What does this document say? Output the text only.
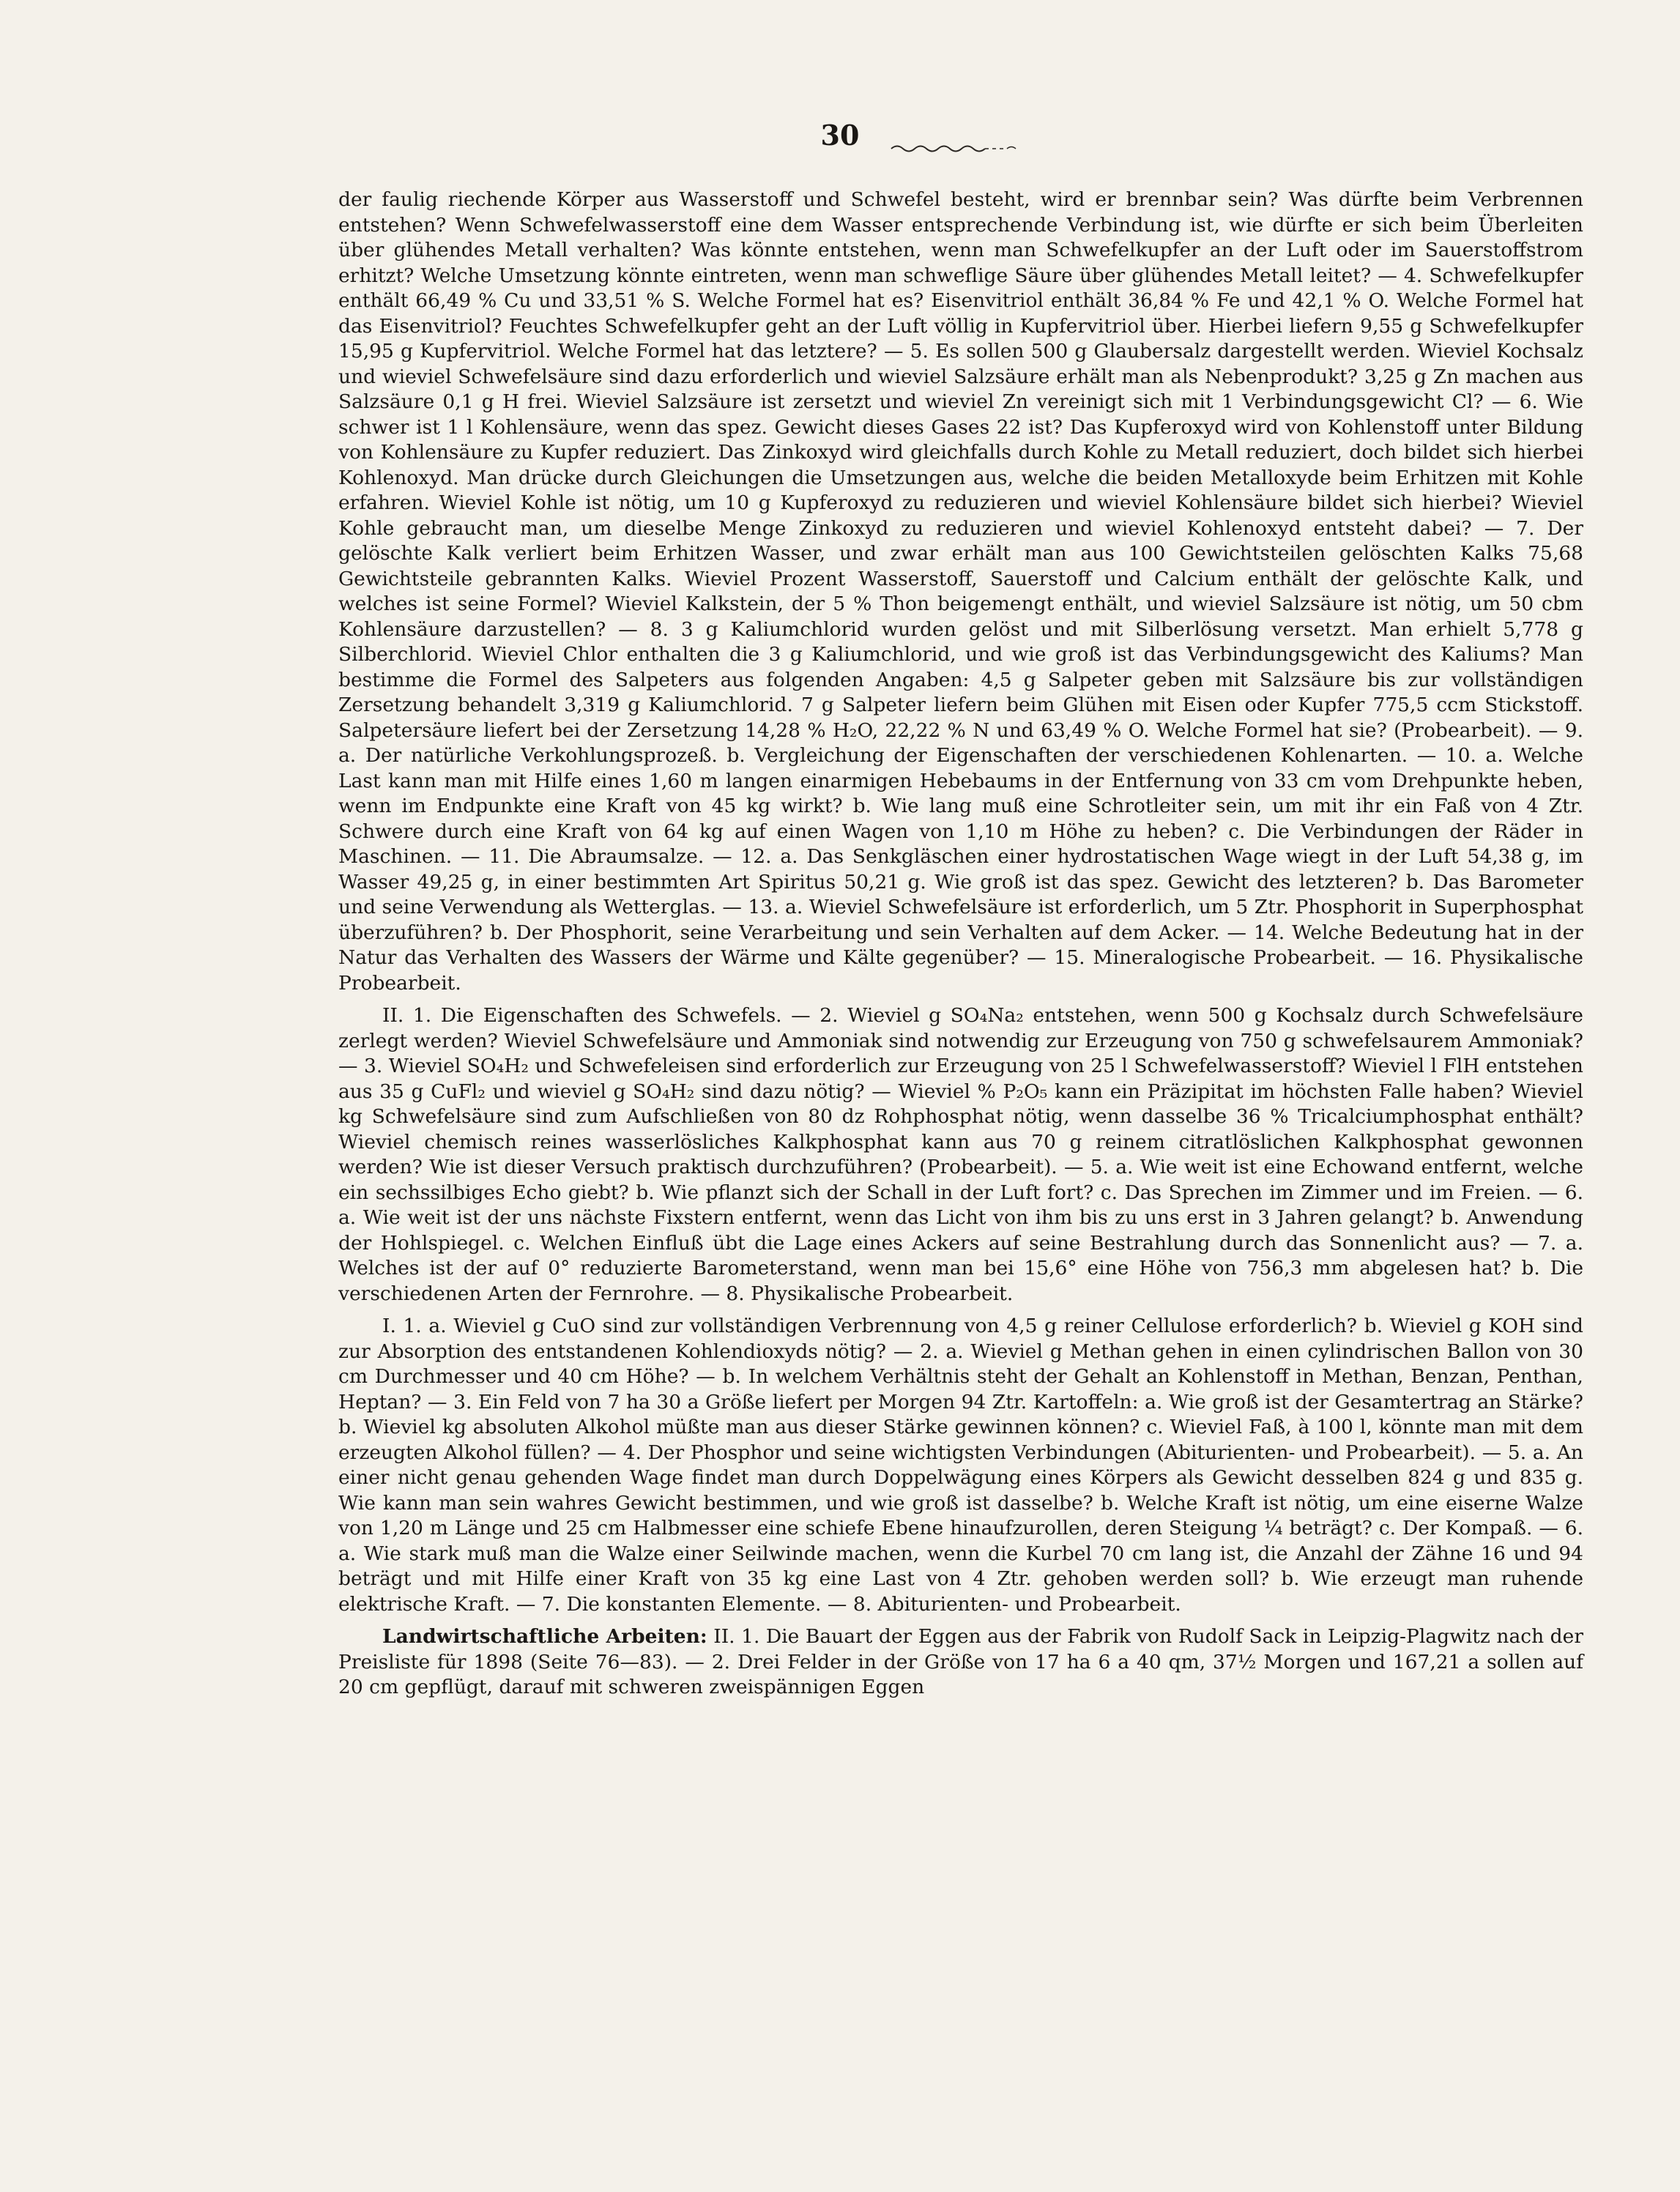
30

der faulig riechende Körper aus Wasserstoff und Schwefel besteht, wird er brennbar sein? Was dürfte beim Verbrennen entstehen? Wenn Schwefelwasserstoff eine dem Wasser entsprechende Verbindung ist, wie dürfte er sich beim Überleiten über glühendes Metall verhalten? Was könnte entstehen, wenn man Schwefelkupfer an der Luft oder im Sauerstoffstrom erhitzt? Welche Umsetzung könnte eintreten, wenn man schweflige Säure über glühendes Metall leitet? — 4. Schwefelkupfer enthält 66,49 % Cu und 33,51 % S. Welche Formel hat es? Eisenvitriol enthält 36,84 % Fe und 42,1 % O. Welche Formel hat das Eisenvitriol? Feuchtes Schwefelkupfer geht an der Luft völlig in Kupfervitriol über. Hierbei liefern 9,55 g Schwefelkupfer 15,95 g Kupfervitriol. Welche Formel hat das letztere? — 5. Es sollen 500 g Glaubersalz dargestellt werden. Wieviel Kochsalz und wieviel Schwefelsäure sind dazu erforderlich und wieviel Salzsäure erhält man als Nebenprodukt? 3,25 g Zn machen aus Salzsäure 0,1 g H frei. Wieviel Salzsäure ist zersetzt und wieviel Zn vereinigt sich mit 1 Verbindungsgewicht Cl? — 6. Wie schwer ist 1 l Kohlensäure, wenn das spez. Gewicht dieses Gases 22 ist? Das Kupferoxyd wird von Kohlenstoff unter Bildung von Kohlensäure zu Kupfer reduziert. Das Zinkoxyd wird gleichfalls durch Kohle zu Metall reduziert, doch bildet sich hierbei Kohlenoxyd. Man drücke durch Gleichungen die Umsetzungen aus, welche die beiden Metalloxyde beim Erhitzen mit Kohle erfahren. Wieviel Kohle ist nötig, um 10 g Kupferoxyd zu reduzieren und wieviel Kohlensäure bildet sich hierbei? Wieviel Kohle gebraucht man, um dieselbe Menge Zinkoxyd zu reduzieren und wieviel Kohlenoxyd entsteht dabei? — 7. Der gelöschte Kalk verliert beim Erhitzen Wasser, und zwar erhält man aus 100 Gewichtsteilen gelöschten Kalks 75,68 Gewichtsteile gebrannten Kalks. Wieviel Prozent Wasserstoff, Sauerstoff und Calcium enthält der gelöschte Kalk, und welches ist seine Formel? Wieviel Kalkstein, der 5 % Thon beigemengt enthält, und wieviel Salzsäure ist nötig, um 50 cbm Kohlensäure darzustellen? — 8. 3 g Kaliumchlorid wurden gelöst und mit Silberlösung versetzt. Man erhielt 5,778 g Silberchlorid. Wieviel Chlor enthalten die 3 g Kaliumchlorid, und wie groß ist das Verbindungsgewicht des Kaliums? Man bestimme die Formel des Salpeters aus folgenden Angaben: 4,5 g Salpeter geben mit Salzsäure bis zur vollständigen Zersetzung behandelt 3,319 g Kaliumchlorid. 7 g Salpeter liefern beim Glühen mit Eisen oder Kupfer 775,5 ccm Stickstoff. Salpetersäure liefert bei der Zersetzung 14,28 % H₂O, 22,22 % N und 63,49 % O. Welche Formel hat sie? (Probearbeit). — 9. a. Der natürliche Verkohlungsprozeß. b. Vergleichung der Eigenschaften der verschiedenen Kohlenarten. — 10. a. Welche Last kann man mit Hilfe eines 1,60 m langen einarmigen Hebebaums in der Entfernung von 33 cm vom Drehpunkte heben, wenn im Endpunkte eine Kraft von 45 kg wirkt? b. Wie lang muß eine Schrotleiter sein, um mit ihr ein Faß von 4 Ztr. Schwere durch eine Kraft von 64 kg auf einen Wagen von 1,10 m Höhe zu heben? c. Die Verbindungen der Räder in Maschinen. — 11. Die Abraumsalze. — 12. a. Das Senkgläschen einer hydrostatischen Wage wiegt in der Luft 54,38 g, im Wasser 49,25 g, in einer bestimmten Art Spiritus 50,21 g. Wie groß ist das spez. Gewicht des letzteren? b. Das Barometer und seine Verwendung als Wetterglas. — 13. a. Wieviel Schwefelsäure ist erforderlich, um 5 Ztr. Phosphorit in Superphosphat überzuführen? b. Der Phosphorit, seine Verarbeitung und sein Verhalten auf dem Acker. — 14. Welche Bedeutung hat in der Natur das Verhalten des Wassers der Wärme und Kälte gegenüber? — 15. Mineralogische Probearbeit. — 16. Physikalische Probearbeit.

II. 1. Die Eigenschaften des Schwefels. — 2. Wieviel g SO₄Na₂ entstehen, wenn 500 g Kochsalz durch Schwefelsäure zerlegt werden? Wieviel Schwefelsäure und Ammoniak sind notwendig zur Erzeugung von 750 g schwefelsaurem Ammoniak? — 3. Wieviel SO₄H₂ und Schwefeleisen sind erforderlich zur Erzeugung von 25 l Schwefelwasserstoff? Wieviel l FlH entstehen aus 35 g CuFl₂ und wieviel g SO₄H₂ sind dazu nötig? — Wieviel % P₂O₅ kann ein Präzipitat im höchsten Falle haben? Wieviel kg Schwefelsäure sind zum Aufschließen von 80 dz Rohphosphat nötig, wenn dasselbe 36 % Tricalciumphosphat enthält? Wieviel chemisch reines wasserlösliches Kalkphosphat kann aus 70 g reinem citratlöslichen Kalkphosphat gewonnen werden? Wie ist dieser Versuch praktisch durchzuführen? (Probearbeit). — 5. a. Wie weit ist eine Echowand entfernt, welche ein sechssilbiges Echo giebt? b. Wie pflanzt sich der Schall in der Luft fort? c. Das Sprechen im Zimmer und im Freien. — 6. a. Wie weit ist der uns nächste Fixstern entfernt, wenn das Licht von ihm bis zu uns erst in 3 Jahren gelangt? b. Anwendung der Hohlspiegel. c. Welchen Einfluß übt die Lage eines Ackers auf seine Bestrahlung durch das Sonnenlicht aus? — 7. a. Welches ist der auf 0° reduzierte Barometerstand, wenn man bei 15,6° eine Höhe von 756,3 mm abgelesen hat? b. Die verschiedenen Arten der Fernrohre. — 8. Physikalische Probearbeit.

I. 1. a. Wieviel g CuO sind zur vollständigen Verbrennung von 4,5 g reiner Cellulose erforderlich? b. Wieviel g KOH sind zur Absorption des entstandenen Kohlendioxyds nötig? — 2. a. Wieviel g Methan gehen in einen cylindrischen Ballon von 30 cm Durchmesser und 40 cm Höhe? — b. In welchem Verhältnis steht der Gehalt an Kohlenstoff in Methan, Benzan, Penthan, Heptan? — 3. Ein Feld von 7 ha 30 a Größe liefert per Morgen 94 Ztr. Kartoffeln: a. Wie groß ist der Gesamtertrag an Stärke? b. Wieviel kg absoluten Alkohol müßte man aus dieser Stärke gewinnen können? c. Wieviel Faß, à 100 l, könnte man mit dem erzeugten Alkohol füllen? — 4. Der Phosphor und seine wichtigsten Verbindungen (Abiturienten- und Probearbeit). — 5. a. An einer nicht genau gehenden Wage findet man durch Doppelwägung eines Körpers als Gewicht desselben 824 g und 835 g. Wie kann man sein wahres Gewicht bestimmen, und wie groß ist dasselbe? b. Welche Kraft ist nötig, um eine eiserne Walze von 1,20 m Länge und 25 cm Halbmesser eine schiefe Ebene hinaufzurollen, deren Steigung ¼ beträgt? c. Der Kompaß. — 6. a. Wie stark muß man die Walze einer Seilwinde machen, wenn die Kurbel 70 cm lang ist, die Anzahl der Zähne 16 und 94 beträgt und mit Hilfe einer Kraft von 35 kg eine Last von 4 Ztr. gehoben werden soll? b. Wie erzeugt man ruhende elektrische Kraft. — 7. Die konstanten Elemente. — 8. Abiturienten- und Probearbeit.

Landwirtschaftliche Arbeiten: II. 1. Die Bauart der Eggen aus der Fabrik von Rudolf Sack in Leipzig-Plagwitz nach der Preisliste für 1898 (Seite 76—83). — 2. Drei Felder in der Größe von 17 ha 6 a 40 qm, 37½ Morgen und 167,21 a sollen auf 20 cm gepflügt, darauf mit schweren zweispännigen Eggen
